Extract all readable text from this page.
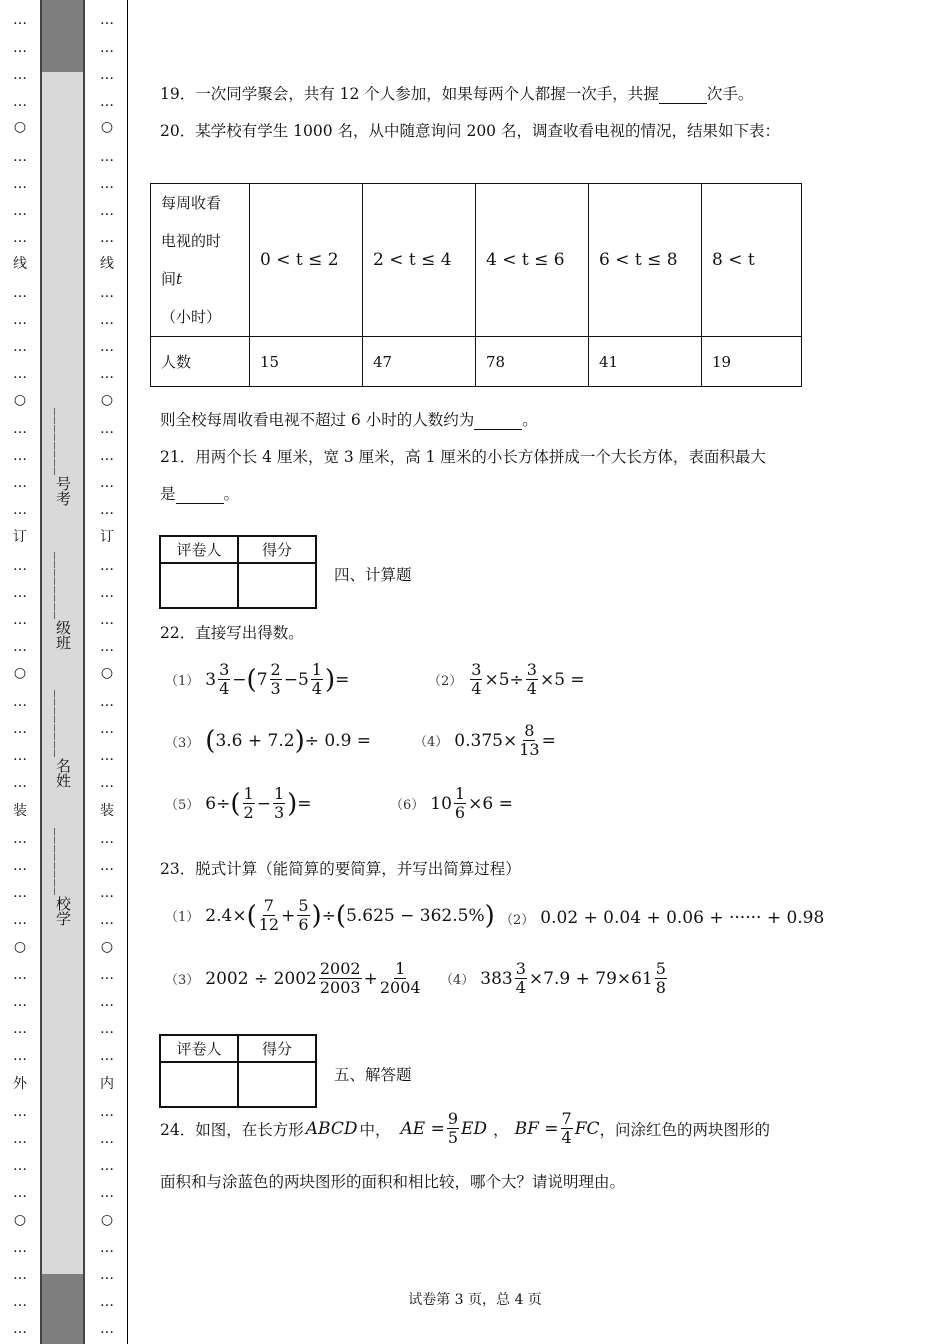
…
…
…
…
○
…
…
…
…
线
…
…
…
…
○
…
…
…
…
订
…
…
…
…
○
…
…
…
…
装
…
…
…
…
○
…
…
…
…
外
…
…
…
…
○
…
…
…
…
________
号考
________
级班
________
名姓
________
校学
…
…
…
…
○
…
…
…
…
线
…
…
…
…
○
…
…
…
…
订
…
…
…
…
○
…
…
…
…
装
…
…
…
…
○
…
…
…
…
内
…
…
…
…
○
…
…
…
…

19．一次同学聚会，共有 12 个人参加，如果每两个人都握一次手，共握	次手。

20．某学校有学生 1000 名，从中随意询问 200 名，调查收看电视的情况，结果如下表：

每周收看
电视的时
间t（小时）	0 < t ≤ 2	2 < t ≤ 4	4 < t ≤ 6	6 < t ≤ 8	8 < t
人数	15	47	78	41	19

则全校每周收看电视不超过 6 小时的人数约为	。

21．用两个长 4 厘米，宽 3 厘米，高 1 厘米的小长方体拼成一个大长方体，表面积最大

是	。

评卷人	得分

四、计算题

22．直接写出得数。

（1） $3 \frac{3}{4}$ − ( $7 \frac{2}{3} -5 \frac{1}{4}$ ) =	$(2) \frac{3}{4} \times 5\div \frac{3}{4} \times 5$ =
（3） ( 3.6 + 7.2 ) ÷ 0.9 =	（4） $0.375\times \frac{8}{13}$ =
（5） 6÷ ( $\frac{1}{2} - \frac{1}{3}$ ) =	（6） $10 \frac{1}{6} \times 6$ =

23．脱式计算（能简算的要简算，并写出简算过程）

（1） 2.4× ( $\frac{7}{12} + \frac{5}{6}$ ) ÷ ( 5.625 − 362.5% ) （2） 0.02 + 0.04 + 0.06 + ······ + 0.98
（3） $2002 \div 2002 \frac{2002}{2003} + \frac{1}{2004} (4)$ $383 \frac{3}{4} \times 7.9 + 79\times 61 \frac{5}{8}$
评卷人	得分

五、解答题

24．如图，在长方形 ABCD 中， AE = $\frac{9}{5}$ ED ， BF = $\frac{7}{4}$ FC ，问涂红色的两块图形的

面积和与涂蓝色的两块图形的面积和相比较，哪个大？请说明理由。

试卷第 3 页，总 4 页
